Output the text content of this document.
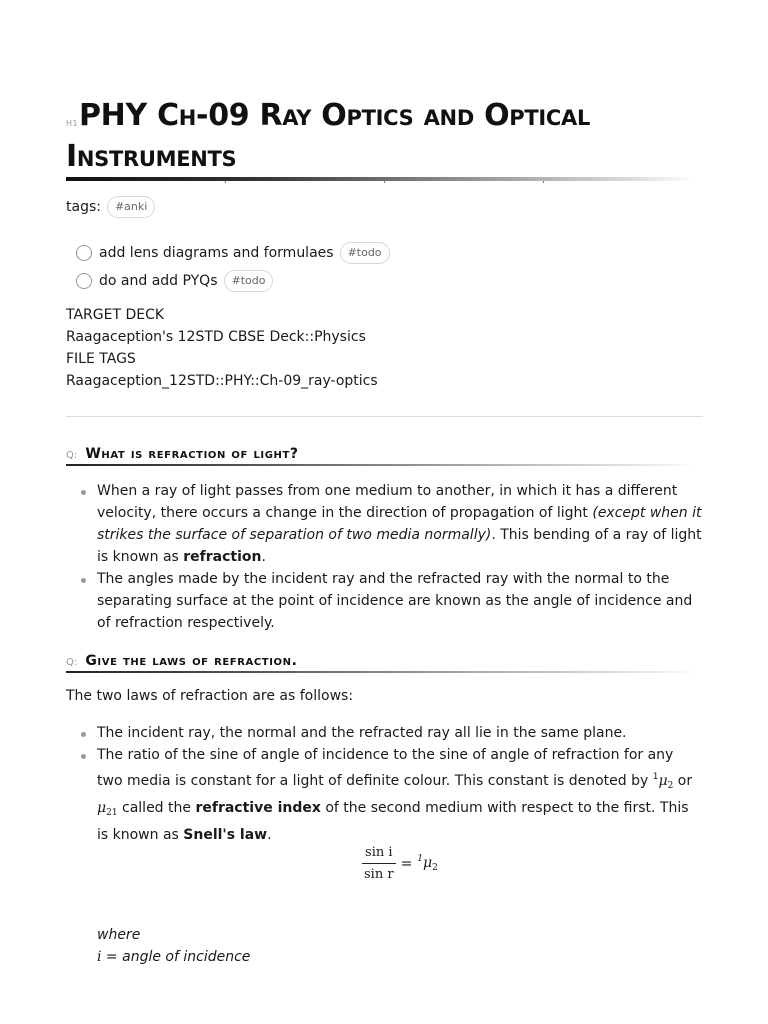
H1 PHY Ch-09 Ray Optics and Optical Instruments
tags:	#anki
add lens diagrams and formulaes	#todo
do and add PYQs	#todo
TARGET DECK
Raagaception's 12STD CBSE Deck::Physics
FILE TAGS
Raagaception_12STD::PHY::Ch-09_ray-optics
Q: What is refraction of light?
When a ray of light passes from one medium to another, in which it has a different velocity, there occurs a change in the direction of propagation of light (except when it strikes the surface of separation of two media normally). This bending of a ray of light is known as refraction.
The angles made by the incident ray and the refracted ray with the normal to the separating surface at the point of incidence are known as the angle of incidence and of refraction respectively.
Q: Give the laws of refraction.
The two laws of refraction are as follows:
The incident ray, the normal and the refracted ray all lie in the same plane.
The ratio of the sine of angle of incidence to the sine of angle of refraction for any two media is constant for a light of definite colour. This constant is denoted by $^1\mu_2$ or $\mu_{21}$ called the refractive index of the second medium with respect to the first. This is known as Snell's law.
$\frac{\text{sin i}}{\text{sin r}} = ^1\mu_2$
where
i = angle of incidence
